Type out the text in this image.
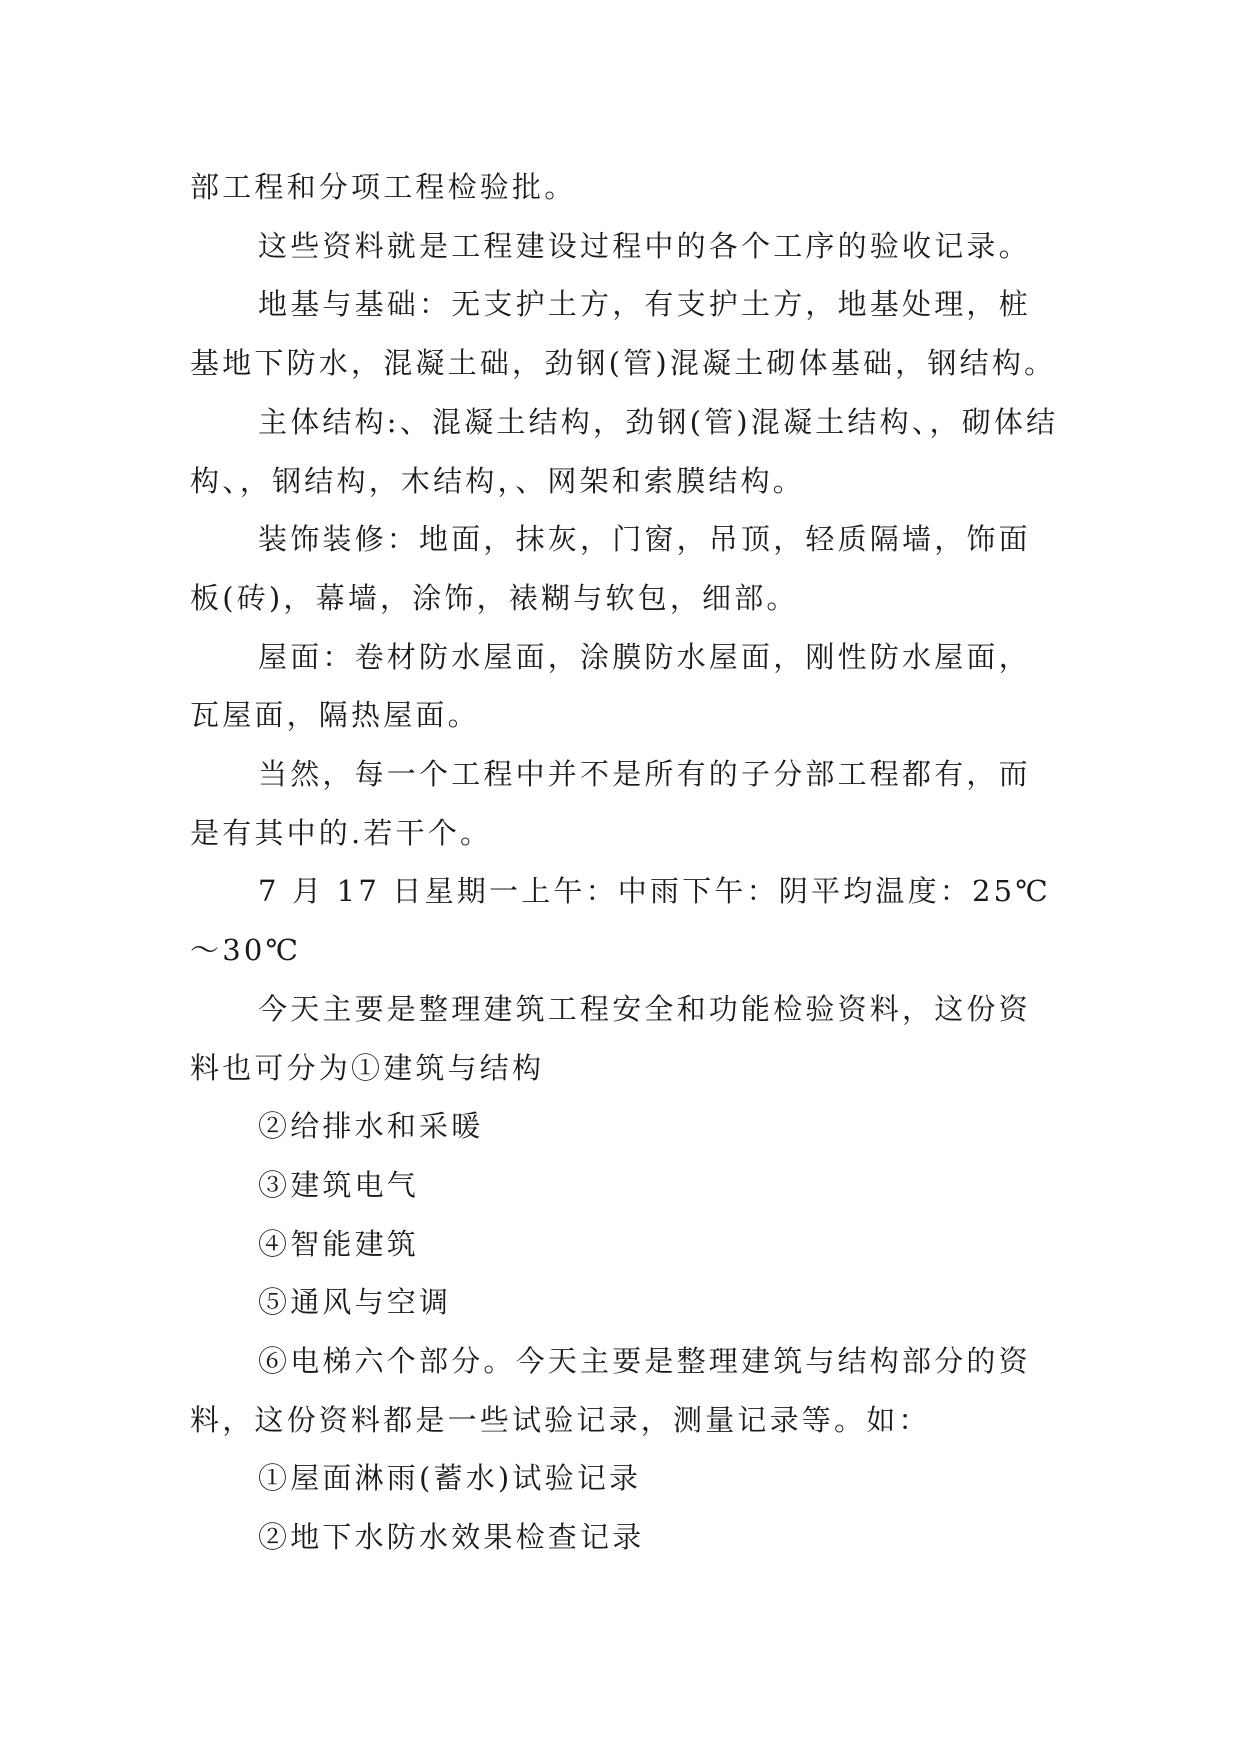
部工程和分项工程检验批。

这些资料就是工程建设过程中的各个工序的验收记录。

地基与基础：无支护土方，有支护土方，地基处理，桩基地下防水，混凝土础，劲钢(管)混凝土砌体基础，钢结构。

主体结构:、混凝土结构，劲钢(管)混凝土结构、，砌体结构、，钢结构，木结构，、网架和索膜结构。

装饰装修：地面，抹灰，门窗，吊顶，轻质隔墙，饰面板(砖)，幕墙，涂饰，裱糊与软包，细部。

屋面：卷材防水屋面，涂膜防水屋面，刚性防水屋面，瓦屋面，隔热屋面。

当然，每一个工程中并不是所有的子分部工程都有，而是有其中的.若干个。

7 月 17 日星期一上午：中雨下午：阴平均温度：25℃～30℃

今天主要是整理建筑工程安全和功能检验资料，这份资料也可分为①建筑与结构

②给排水和采暖

③建筑电气

④智能建筑

⑤通风与空调

⑥电梯六个部分。今天主要是整理建筑与结构部分的资料，这份资料都是一些试验记录，测量记录等。如：

①屋面淋雨(蓄水)试验记录

②地下水防水效果检查记录
